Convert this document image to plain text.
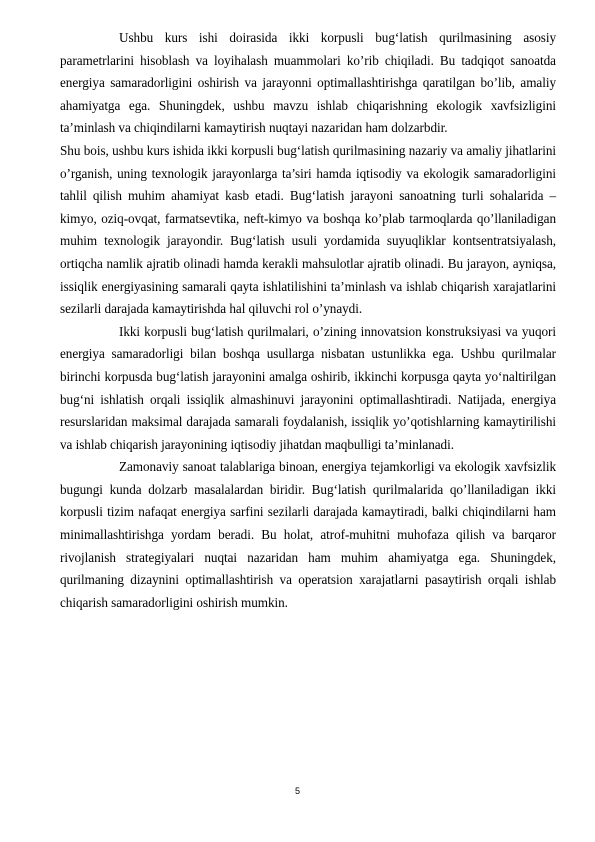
Ushbu kurs ishi doirasida ikki korpusli bug‘latish qurilmasining asosiy parametrlarini hisoblash va loyihalash muammolari ko’rib chiqiladi. Bu tadqiqot sanoatda energiya samaradorligini oshirish va jarayonni optimallashtirishga qaratilgan bo’lib, amaliy ahamiyatga ega. Shuningdek, ushbu mavzu ishlab chiqarishning ekologik xavfsizligini ta’minlash va chiqindilarni kamaytirish nuqtayi nazaridan ham dolzarbdir.

Shu bois, ushbu kurs ishida ikki korpusli bug‘latish qurilmasining nazariy va amaliy jihatlarini o’rganish, uning texnologik jarayonlarga ta’siri hamda iqtisodiy va ekologik samaradorligini tahlil qilish muhim ahamiyat kasb etadi. Bug‘latish jarayoni sanoatning turli sohalarida – kimyo, oziq-ovqat, farmatsevtika, neft-kimyo va boshqa ko’plab tarmoqlarda qo’llaniladigan muhim texnologik jarayondir. Bug‘latish usuli yordamida suyuqliklar kontsentratsiyalash, ortiqcha namlik ajratib olinadi hamda kerakli mahsulotlar ajratib olinadi. Bu jarayon, ayniqsa, issiqlik energiyasining samarali qayta ishlatilishini ta’minlash va ishlab chiqarish xarajatlarini sezilarli darajada kamaytirishda hal qiluvchi rol o’ynaydi.

Ikki korpusli bug‘latish qurilmalari, o’zining innovatsion konstruksiyasi va yuqori energiya samaradorligi bilan boshqa usullarga nisbatan ustunlikka ega. Ushbu qurilmalar birinchi korpusda bug‘latish jarayonini amalga oshirib, ikkinchi korpusga qayta yo‘naltirilgan bug‘ni ishlatish orqali issiqlik almashinuvi jarayonini optimallashtiradi. Natijada, energiya resurslaridan maksimal darajada samarali foydalanish, issiqlik yo’qotishlarning kamaytirilishi va ishlab chiqarish jarayonining iqtisodiy jihatdan maqbulligi ta’minlanadi.

Zamonaviy sanoat talablariga binoan, energiya tejamkorligi va ekologik xavfsizlik bugungi kunda dolzarb masalalardan biridir. Bug‘latish qurilmalarida qo’llaniladigan ikki korpusli tizim nafaqat energiya sarfini sezilarli darajada kamaytiradi, balki chiqindilarni ham minimallashtirishga yordam beradi. Bu holat, atrof-muhitni muhofaza qilish va barqaror rivojlanish strategiyalari nuqtai nazaridan ham muhim ahamiyatga ega. Shuningdek, qurilmaning dizaynini optimallashtirish va operatsion xarajatlarni pasaytirish orqali ishlab chiqarish samaradorligini oshirish mumkin.

5
